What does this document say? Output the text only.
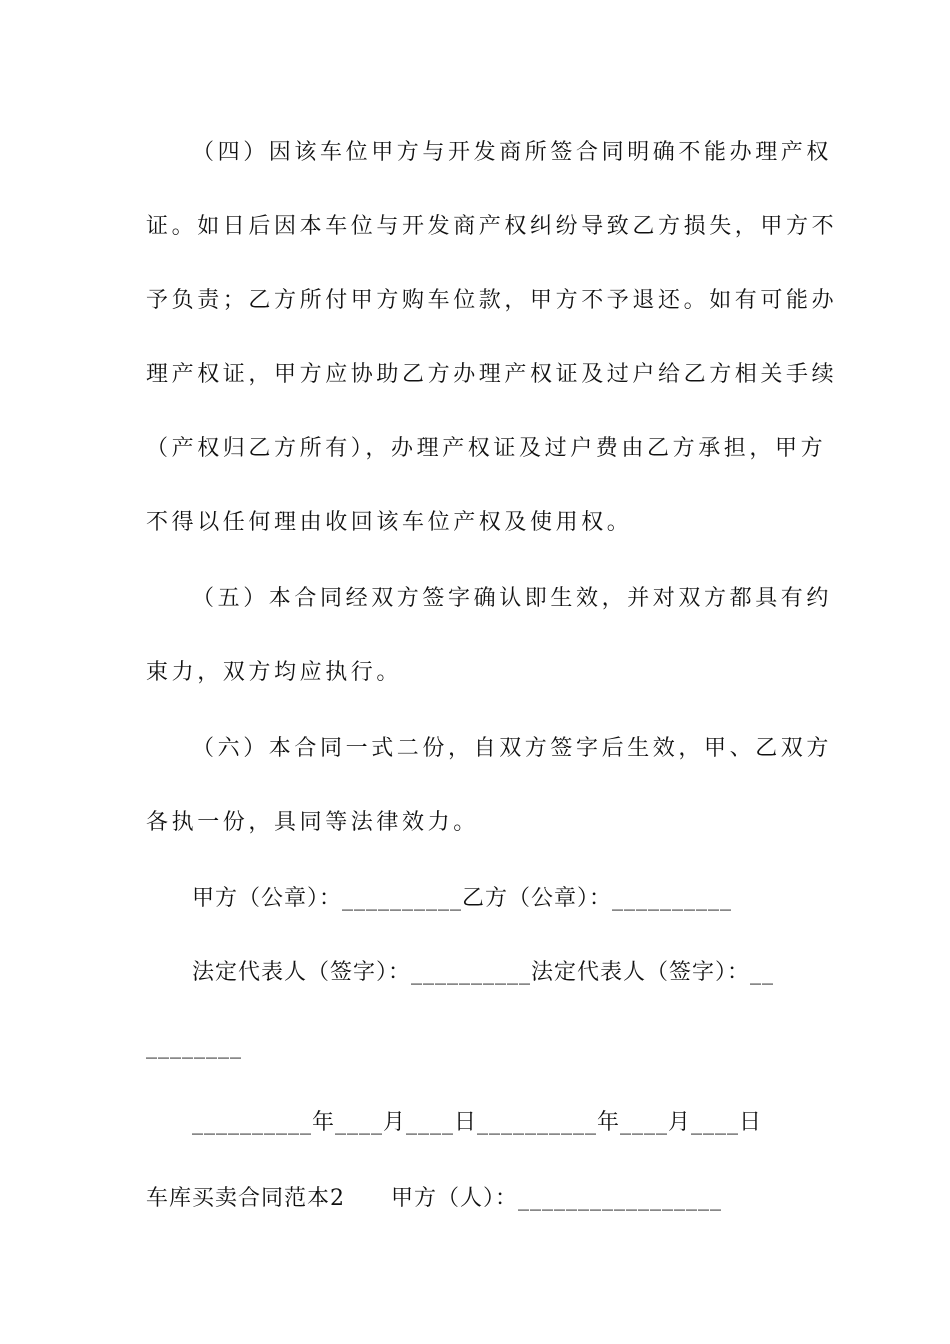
（四）因该车位甲方与开发商所签合同明确不能办理产权
证。如日后因本车位与开发商产权纠纷导致乙方损失，甲方不
予负责；乙方所付甲方购车位款，甲方不予退还。如有可能办
理产权证，甲方应协助乙方办理产权证及过户给乙方相关手续
（产权归乙方所有），办理产权证及过户费由乙方承担，甲方
不得以任何理由收回该车位产权及使用权。
（五）本合同经双方签字确认即生效，并对双方都具有约
束力，双方均应执行。
（六）本合同一式二份，自双方签字后生效，甲、乙双方
各执一份，具同等法律效力。
甲方（公章）：__________乙方（公章）：__________
法定代表人（签字）：__________法定代表人（签字）：__
________
__________年____月____日__________年____月____日
车库买卖合同范本2　　甲方（人）：_________________
